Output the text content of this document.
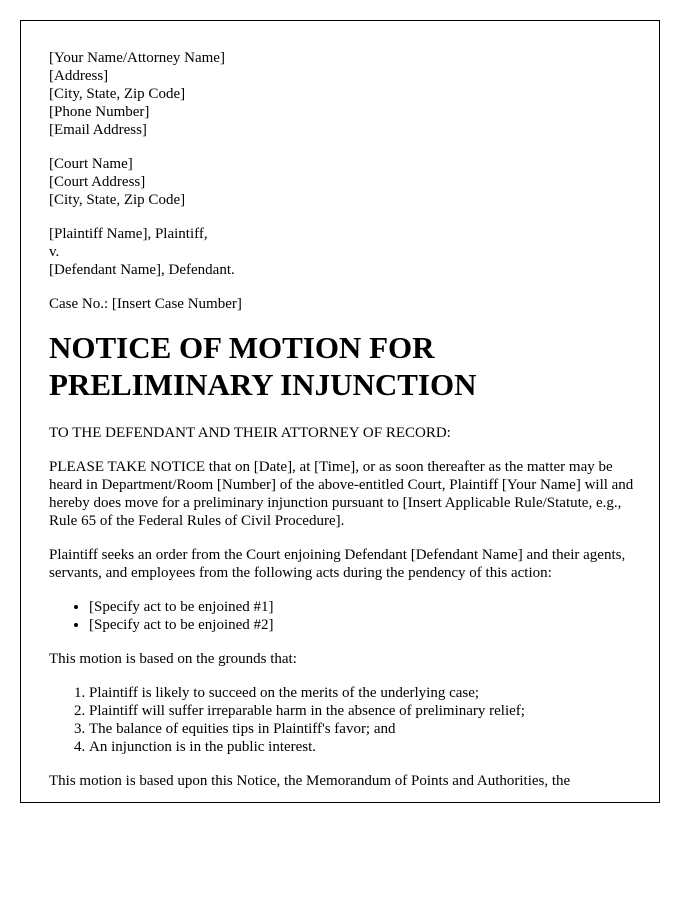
[Your Name/Attorney Name]
[Address]
[City, State, Zip Code]
[Phone Number]
[Email Address]
[Court Name]
[Court Address]
[City, State, Zip Code]
[Plaintiff Name], Plaintiff,
v.
[Defendant Name], Defendant.
Case No.: [Insert Case Number]
NOTICE OF MOTION FOR
PRELIMINARY INJUNCTION

TO THE DEFENDANT AND THEIR ATTORNEY OF RECORD:

PLEASE TAKE NOTICE that on [Date], at [Time], or as soon thereafter as the matter may be heard in Department/Room [Number] of the above-entitled Court, Plaintiff [Your Name] will and hereby does move for a preliminary injunction pursuant to [Insert Applicable Rule/Statute, e.g., Rule 65 of the Federal Rules of Civil Procedure].

Plaintiff seeks an order from the Court enjoining Defendant [Defendant Name] and their agents, servants, and employees from the following acts during the pendency of this action:

• [Specify act to be enjoined #1]
• [Specify act to be enjoined #2]

This motion is based on the grounds that:

1. Plaintiff is likely to succeed on the merits of the underlying case;
2. Plaintiff will suffer irreparable harm in the absence of preliminary relief;
3. The balance of equities tips in Plaintiff's favor; and
4. An injunction is in the public interest.

This motion is based upon this Notice, the Memorandum of Points and Authorities, the
